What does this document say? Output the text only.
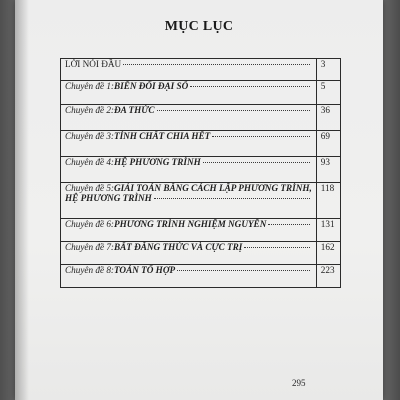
MỤC LỤC
LỜI NÓI ĐẦU	3

Chuyên đề 1: BIẾN ĐỔI ĐẠI SỐ	5

Chuyên đề 2: ĐA THỨC	36

Chuyên đề 3: TÍNH CHẤT CHIA HẾT	69

Chuyên đề 4: HỆ PHƯƠNG TRÌNH	93

Chuyên đề 5: GIẢI TOÁN BẰNG CÁCH LẬP PHƯƠNG TRÌNH,
HỆ PHƯƠNG TRÌNH	118

Chuyên đề 6: PHƯƠNG TRÌNH NGHIỆM NGUYÊN	131

Chuyên đề 7: BẤT ĐẲNG THỨC VÀ CỰC TRỊ	162

Chuyên đề 8: TOÁN TỔ HỢP	223
295
